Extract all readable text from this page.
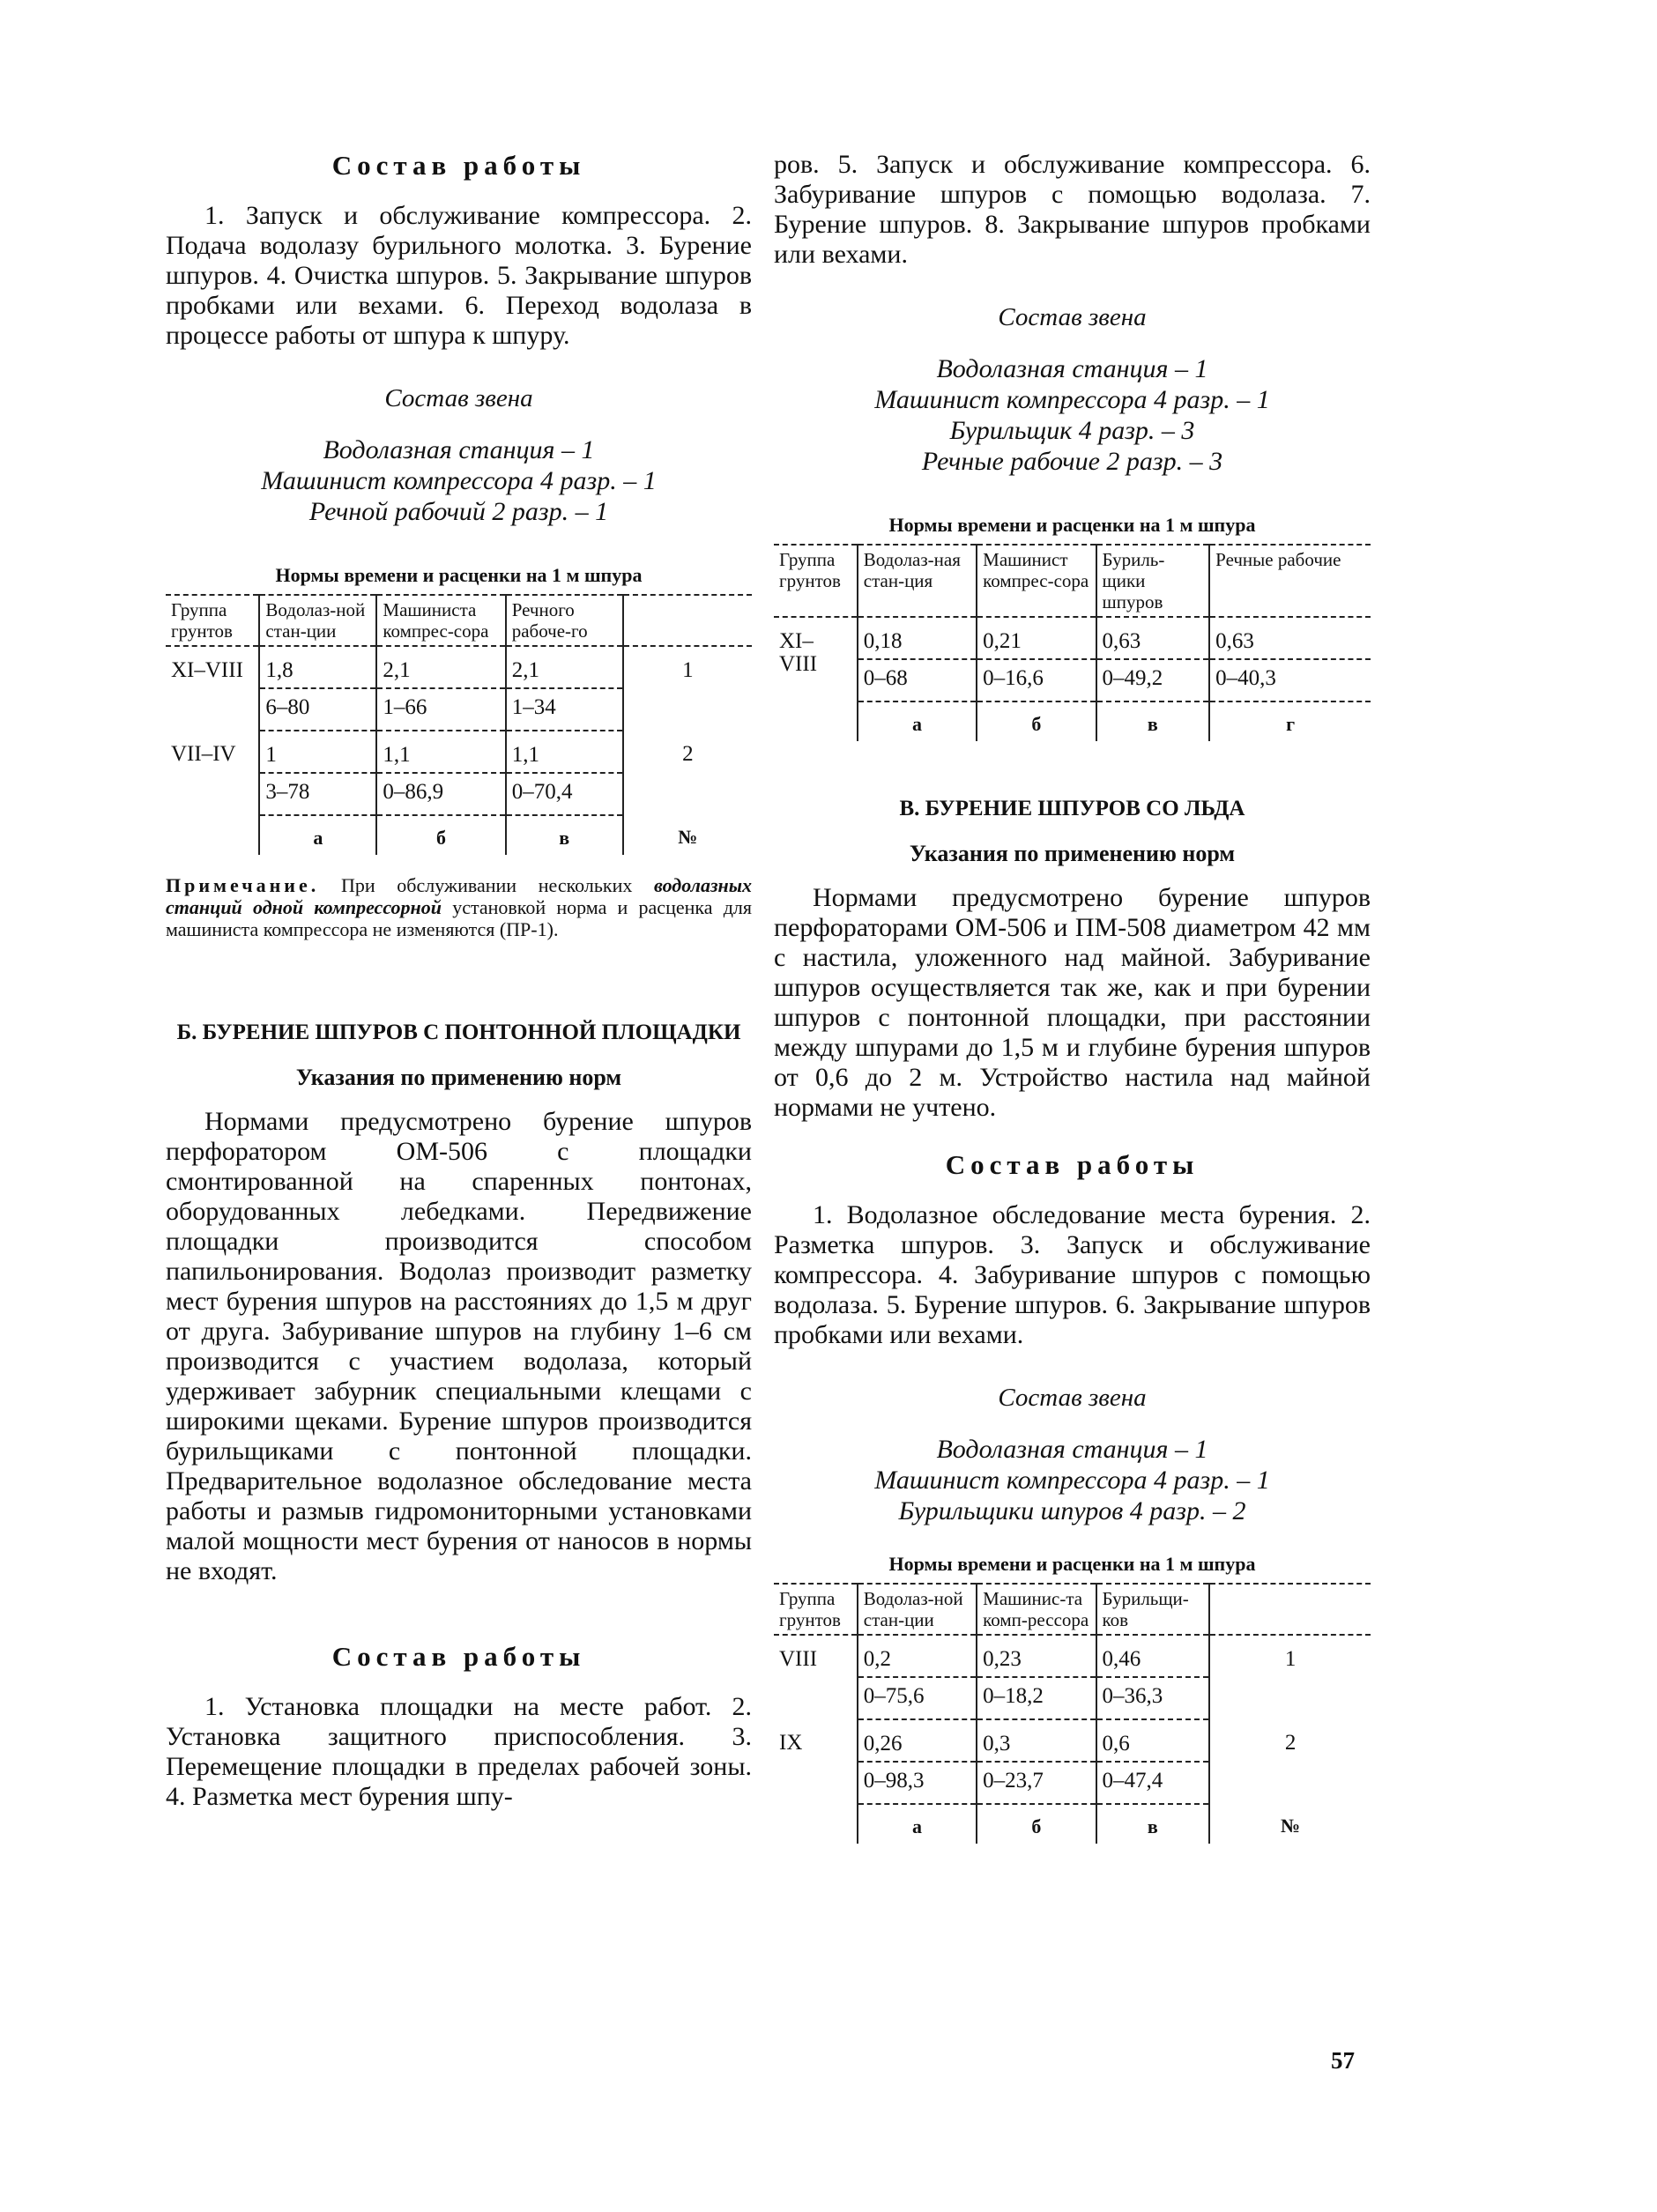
Состав работы

1. Запуск и обслуживание компрессора. 2. Подача водолазу бурильного молотка. 3. Бурение шпуров. 4. Очистка шпуров. 5. Закрывание шпуров пробками или вехами. 6. Переход водолаза в процессе работы от шпура к шпуру.

Состав звена

Водолазная станция – 1

Машинист компрессора 4 разр. – 1

Речной рабочий 2 разр. – 1

Нормы времени и расценки на 1 м шпура
Группа грунтов	Водолаз-ной стан-ции	Машиниста компрес-сора	Речного рабоче-го	
XI–VIII	1,8	2,1	2,1	1
	6–80	1–66	1–34	
VII–IV	1	1,1	1,1	2
	3–78	0–86,9	0–70,4	
	а	б	в	№

Примечание. При обслуживании нескольких водолазных станций одной компрессорной установкой норма и расценка для машиниста компрессора не изменяются (ПР-1).

Б. БУРЕНИЕ ШПУРОВ С ПОНТОННОЙ ПЛОЩАДКИ

Указания по применению норм

Нормами предусмотрено бурение шпуров перфоратором ОМ-506 с площадки смонтированной на спаренных понтонах, оборудованных лебедками. Передвижение площадки производится способом папильонирования. Водолаз производит разметку мест бурения шпуров на расстояниях до 1,5 м друг от друга. Забуривание шпуров на глубину 1–6 см производится с участием водолаза, который удерживает забурник специальными клещами с широкими щеками. Бурение шпуров производится бурильщиками с понтонной площадки. Предварительное водолазное обследование места работы и размыв гидромониторными установками малой мощности мест бурения от наносов в нормы не входят.

Состав работы

1. Установка площадки на месте работ. 2. Установка защитного приспособления. 3. Перемещение площадки в пределах рабочей зоны. 4. Разметка мест бурения шпу-

ров. 5. Запуск и обслуживание компрессора. 6. Забуривание шпуров с помощью водолаза. 7. Бурение шпуров. 8. Закрывание шпуров пробками или вехами.

Состав звена

Водолазная станция – 1

Машинист компрессора 4 разр. – 1

Бурильщик 4 разр. – 3

Речные рабочие 2 разр. – 3

Нормы времени и расценки на 1 м шпура
Группа грунтов	Водолаз-ная стан-ция	Машинист компрес-сора	Буриль-щики шпуров	Речные рабочие
XI–VIII	0,18	0,21	0,63	0,63
	0–68	0–16,6	0–49,2	0–40,3
	а	б	в	г

В. БУРЕНИЕ ШПУРОВ СО ЛЬДА

Указания по применению норм

Нормами предусмотрено бурение шпуров перфораторами ОМ-506 и ПМ-508 диаметром 42 мм с настила, уложенного над майной. Забуривание шпуров осуществляется так же, как и при бурении шпуров с понтонной площадки, при расстоянии между шпурами до 1,5 м и глубине бурения шпуров от 0,6 до 2 м. Устройство настила над майной нормами не учтено.

Состав работы

1. Водолазное обследование места бурения. 2. Разметка шпуров. 3. Запуск и обслуживание компрессора. 4. Забуривание шпуров с помощью водолаза. 5. Бурение шпуров. 6. Закрывание шпуров пробками или вехами.

Состав звена

Водолазная станция – 1

Машинист компрессора 4 разр. – 1

Бурильщики шпуров 4 разр. – 2

Нормы времени и расценки на 1 м шпура
Группа грунтов	Водолаз-ной стан-ции	Машинис-та комп-рессора	Бурильщи-ков	
VIII	0,2	0,23	0,46	1
	0–75,6	0–18,2	0–36,3	
IX	0,26	0,3	0,6	2
	0–98,3	0–23,7	0–47,4	
	а	б	в	№
57
